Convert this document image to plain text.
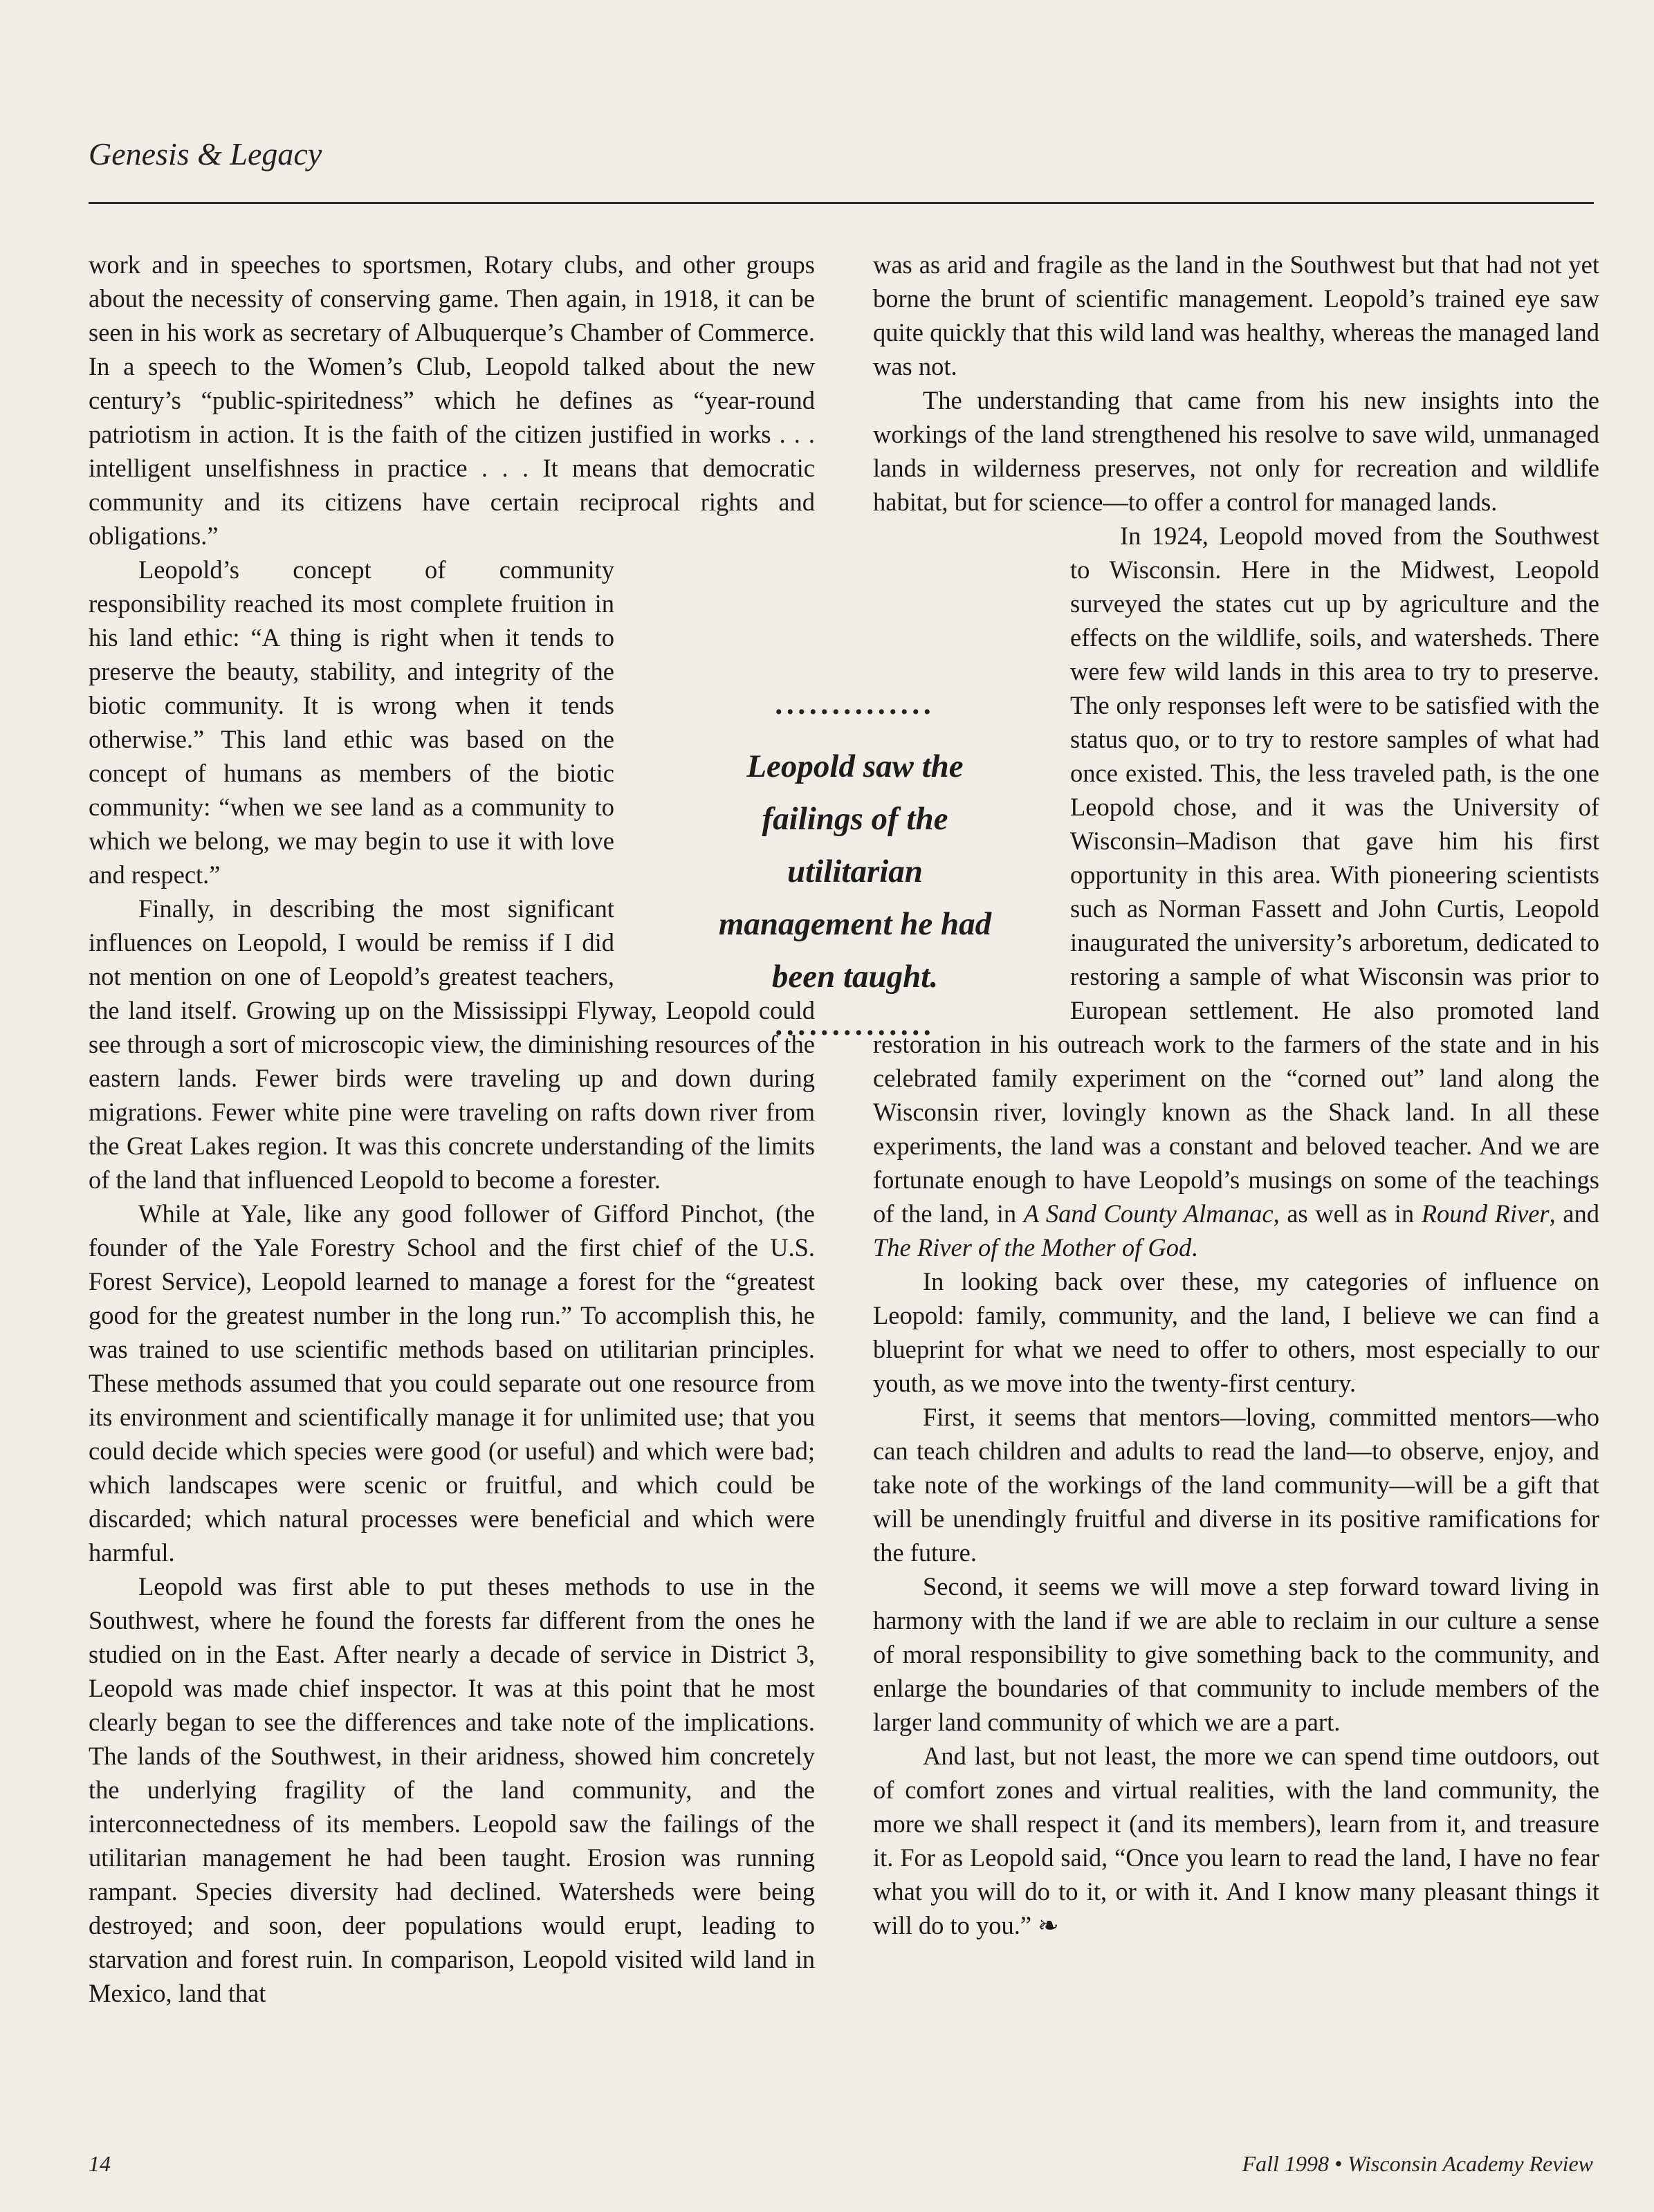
Genesis & Legacy

work and in speeches to sportsmen, Rotary clubs, and other groups about the necessity of conserving game. Then again, in 1918, it can be seen in his work as secretary of Albuquerque’s Chamber of Commerce. In a speech to the Women’s Club, Leopold talked about the new century’s “public-spiritedness” which he defines as “year-round patriotism in action. It is the faith of the citizen justified in works . . . intelligent unselfishness in practice . . . It means that democratic community and its citizens have certain reciprocal rights and obligations.”

Leopold’s concept of community responsibility reached its most complete fruition in his land ethic: “A thing is right when it tends to preserve the beauty, stability, and integrity of the biotic community. It is wrong when it tends otherwise.” This land ethic was based on the concept of humans as members of the biotic community: “when we see land as a community to which we belong, we may begin to use it with love and respect.”

Finally, in describing the most significant influences on Leopold, I would be remiss if I did not mention on one of Leopold’s greatest teachers, the land itself. Growing up on the Mississippi Flyway, Leopold could see through a sort of microscopic view, the diminishing resources of the eastern lands. Fewer birds were traveling up and down during migrations. Fewer white pine were traveling on rafts down river from the Great Lakes region. It was this concrete understanding of the limits of the land that influenced Leopold to become a forester.

While at Yale, like any good follower of Gifford Pinchot, (the founder of the Yale Forestry School and the first chief of the U.S. Forest Service), Leopold learned to manage a forest for the “greatest good for the greatest number in the long run.” To accomplish this, he was trained to use scientific methods based on utilitarian principles. These methods assumed that you could separate out one resource from its environment and scientifically manage it for unlimited use; that you could decide which species were good (or useful) and which were bad; which landscapes were scenic or fruitful, and which could be discarded; which natural processes were beneficial and which were harmful.

Leopold was first able to put theses methods to use in the Southwest, where he found the forests far different from the ones he studied on in the East. After nearly a decade of service in District 3, Leopold was made chief inspector. It was at this point that he most clearly began to see the differences and take note of the implications. The lands of the Southwest, in their aridness, showed him concretely the underlying fragility of the land community, and the interconnectedness of its members. Leopold saw the failings of the utilitarian management he had been taught. Erosion was running rampant. Species diversity had declined. Watersheds were being destroyed; and soon, deer populations would erupt, leading to starvation and forest ruin. In comparison, Leopold visited wild land in Mexico, land that

was as arid and fragile as the land in the Southwest but that had not yet borne the brunt of scientific management. Leopold’s trained eye saw quite quickly that this wild land was healthy, whereas the managed land was not.

The understanding that came from his new insights into the workings of the land strengthened his resolve to save wild, unmanaged lands in wilderness preserves, not only for recreation and wildlife habitat, but for science—to offer a control for managed lands.

In 1924, Leopold moved from the Southwest to Wisconsin. Here in the Midwest, Leopold surveyed the states cut up by agriculture and the effects on the wildlife, soils, and watersheds. There were few wild lands in this area to try to preserve. The only responses left were to be satisfied with the status quo, or to try to restore samples of what had once existed. This, the less traveled path, is the one Leopold chose, and it was the University of Wisconsin–Madison that gave him his first opportunity in this area. With pioneering scientists such as Norman Fassett and John Curtis, Leopold inaugurated the university’s arboretum, dedicated to restoring a sample of what Wisconsin was prior to European settlement. He also promoted land restoration in his outreach work to the farmers of the state and in his celebrated family experiment on the “corned out” land along the Wisconsin river, lovingly known as the Shack land. In all these experiments, the land was a constant and beloved teacher. And we are fortunate enough to have Leopold’s musings on some of the teachings of the land, in A Sand County Almanac, as well as in Round River, and The River of the Mother of God.

In looking back over these, my categories of influence on Leopold: family, community, and the land, I believe we can find a blueprint for what we need to offer to others, most especially to our youth, as we move into the twenty-first century.

First, it seems that mentors—loving, committed mentors—who can teach children and adults to read the land—to observe, enjoy, and take note of the workings of the land community—will be a gift that will be unendingly fruitful and diverse in its positive ramifications for the future.

Second, it seems we will move a step forward toward living in harmony with the land if we are able to reclaim in our culture a sense of moral responsibility to give something back to the community, and enlarge the boundaries of that community to include members of the larger land community of which we are a part.

And last, but not least, the more we can spend time outdoors, out of comfort zones and virtual realities, with the land community, the more we shall respect it (and its members), learn from it, and treasure it. For as Leopold said, “Once you learn to read the land, I have no fear what you will do to it, or with it. And I know many pleasant things it will do to you.” ❧

••••••••••••••
Leopold saw the failings of the utilitarian management he had been taught.
••••••••••••••
14	Fall 1998 • Wisconsin Academy Review
